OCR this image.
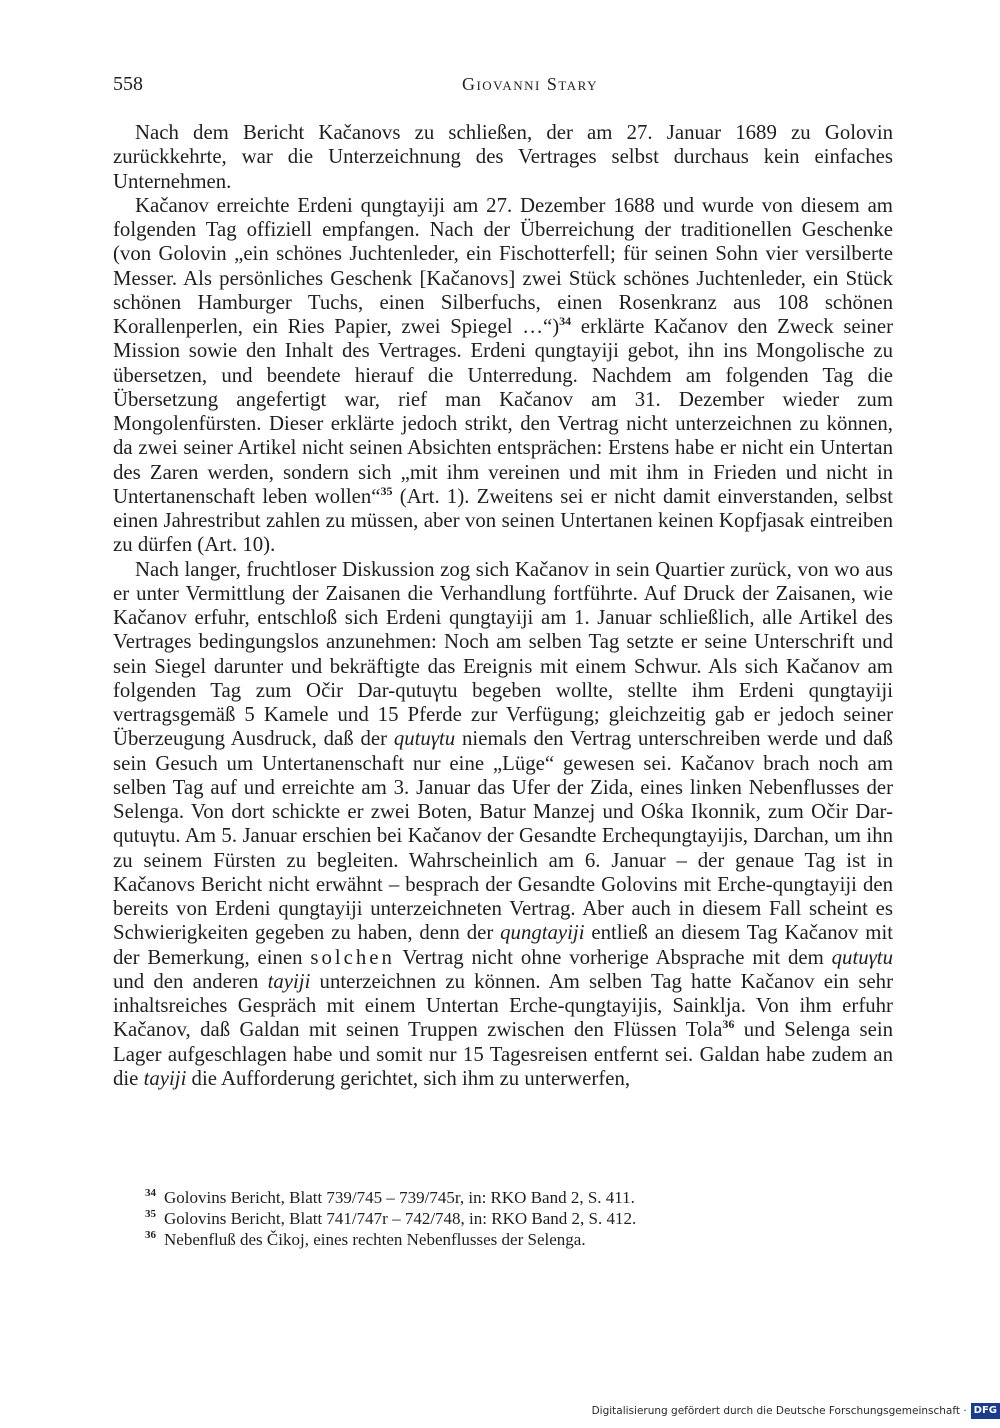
558	Giovanni Stary

Nach dem Bericht Kačanovs zu schließen, der am 27. Januar 1689 zu Golovin zurückkehrte, war die Unterzeichnung des Vertrages selbst durchaus kein einfaches Unternehmen.

Kačanov erreichte Erdeni qungtayiji am 27. Dezember 1688 und wurde von diesem am folgenden Tag offiziell empfangen. Nach der Überreichung der traditionellen Geschenke (von Golovin „ein schönes Juchtenleder, ein Fischotterfell; für seinen Sohn vier versilberte Messer. Als persönliches Geschenk [Kačanovs] zwei Stück schönes Juchtenleder, ein Stück schönen Hamburger Tuchs, einen Silberfuchs, einen Rosenkranz aus 108 schönen Korallenperlen, ein Ries Papier, zwei Spiegel …“)$^{34}$ erklärte Kačanov den Zweck seiner Mission sowie den Inhalt des Vertrages. Erdeni qungtayiji gebot, ihn ins Mongolische zu übersetzen, und beendete hierauf die Unterredung. Nachdem am folgenden Tag die Übersetzung angefertigt war, rief man Kačanov am 31. Dezember wieder zum Mongolenfürsten. Dieser erklärte jedoch strikt, den Vertrag nicht unterzeichnen zu können, da zwei seiner Artikel nicht seinen Absichten entsprächen: Erstens habe er nicht ein Untertan des Zaren werden, sondern sich „mit ihm vereinen und mit ihm in Frieden und nicht in Untertanenschaft leben wollen“$^{35}$ (Art. 1). Zweitens sei er nicht damit einverstanden, selbst einen Jahrestribut zahlen zu müssen, aber von seinen Untertanen keinen Kopfjasak eintreiben zu dürfen (Art. 10).

Nach langer, fruchtloser Diskussion zog sich Kačanov in sein Quartier zurück, von wo aus er unter Vermittlung der Zaisanen die Verhandlung fortführte. Auf Druck der Zaisanen, wie Kačanov erfuhr, entschloß sich Erdeni qungtayiji am 1. Januar schließlich, alle Artikel des Vertrages bedingungslos anzunehmen: Noch am selben Tag setzte er seine Unterschrift und sein Siegel darunter und bekräftigte das Ereignis mit einem Schwur. Als sich Kačanov am folgenden Tag zum Očir Dar-qutuγtu begeben wollte, stellte ihm Erdeni qungtayiji vertragsgemäß 5 Kamele und 15 Pferde zur Verfügung; gleichzeitig gab er jedoch seiner Überzeugung Ausdruck, daß der qutuγtu niemals den Vertrag unterschreiben werde und daß sein Gesuch um Untertanenschaft nur eine „Lüge“ gewesen sei. Kačanov brach noch am selben Tag auf und erreichte am 3. Januar das Ufer der Zida, eines linken Nebenflusses der Selenga. Von dort schickte er zwei Boten, Batur Manzej und Ośka Ikonnik, zum Očir Dar-qutuγtu. Am 5. Januar erschien bei Kačanov der Gesandte Erchequngtayijis, Darchan, um ihn zu seinem Fürsten zu begleiten. Wahrscheinlich am 6. Januar – der genaue Tag ist in Kačanovs Bericht nicht erwähnt – besprach der Gesandte Golovins mit Erche-qungtayiji den bereits von Erdeni qungtayiji unterzeichneten Vertrag. Aber auch in diesem Fall scheint es Schwierigkeiten gegeben zu haben, denn der qungtayiji entließ an diesem Tag Kačanov mit der Bemerkung, einen solchen Vertrag nicht ohne vorherige Absprache mit dem qutuγtu und den anderen tayiji unterzeichnen zu können. Am selben Tag hatte Kačanov ein sehr inhaltsreiches Gespräch mit einem Untertan Erche-qungtayijis, Sainklja. Von ihm erfuhr Kačanov, daß Galdan mit seinen Truppen zwischen den Flüssen Tola$^{36}$ und Selenga sein Lager aufgeschlagen habe und somit nur 15 Tagesreisen entfernt sei. Galdan habe zudem an die tayiji die Aufforderung gerichtet, sich ihm zu unterwerfen,

$^{34}$ Golovins Bericht, Blatt 739/745 – 739/745r, in: RKO Band 2, S. 411.

$^{35}$ Golovins Bericht, Blatt 741/747r – 742/748, in: RKO Band 2, S. 412.

$^{36}$ Nebenfluß des Čikoj, eines rechten Nebenflusses der Selenga.

Digitalisierung gefördert durch die Deutsche Forschungsgemeinschaft · DFG
